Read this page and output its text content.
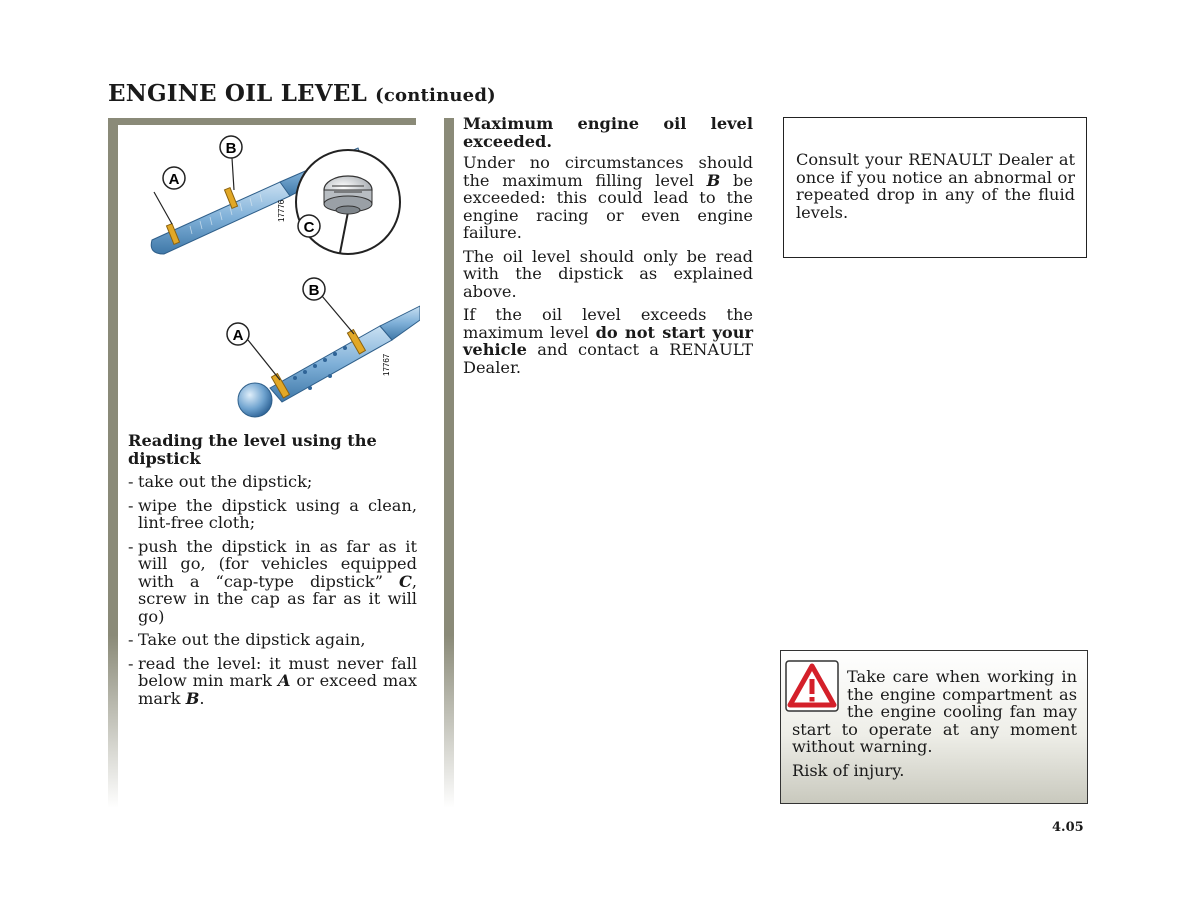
ENGINE OIL LEVEL (continued)
A
B
17776
C
A
B
17767
Reading the level using the dipstick
- take out the dipstick;
- wipe the dipstick using a clean, lint-free cloth;
- push the dipstick in as far as it will go, (for vehicles equipped with a “cap-type dipstick” C, screw in the cap as far as it will go)
- Take out the dipstick again,
- read the level: it must never fall below min mark A or exceed max mark B.

Maximum engine oil level exceeded.

Under no circumstances should the maximum filling level B be exceeded: this could lead to the engine racing or even engine failure.

The oil level should only be read with the dipstick as explained above.

If the oil level exceeds the maximum level do not start your vehicle and contact a RENAULT Dealer.

Consult your RENAULT Dealer at once if you notice an abnormal or repeated drop in any of the fluid levels.

Take care when working in the engine compartment as the engine cooling fan may start to operate at any moment without warning.

Risk of injury.

4.05
